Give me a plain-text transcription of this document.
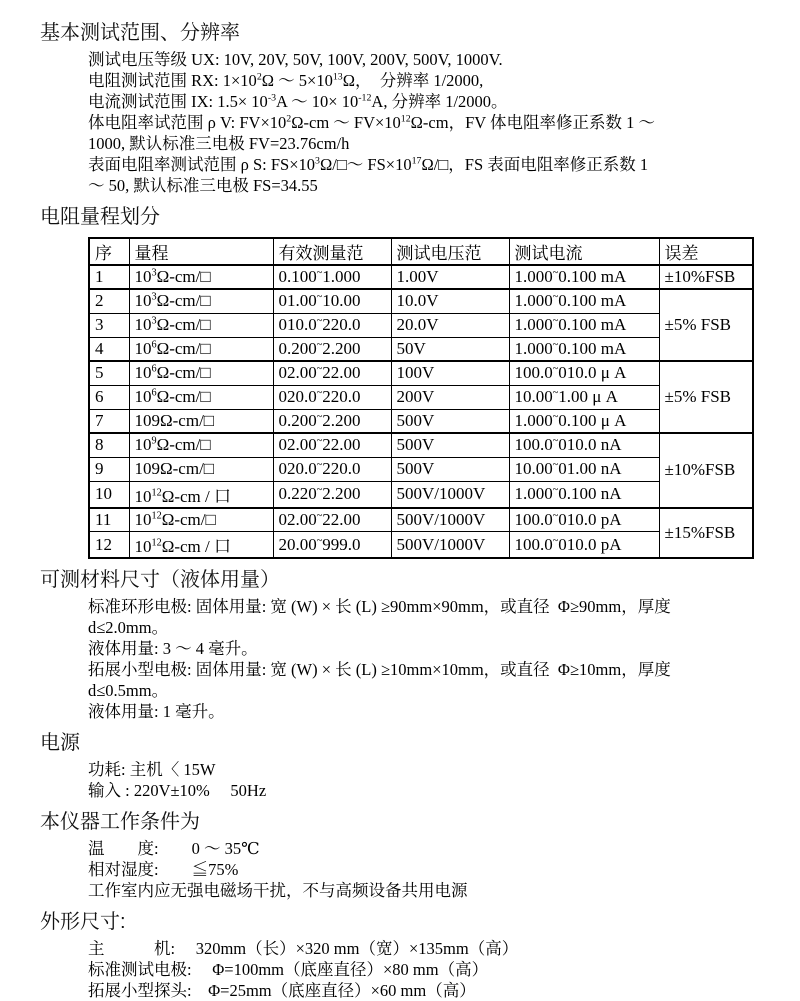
基本测试范围、分辨率
测试电压等级 UX: 10V, 20V, 50V, 100V, 200V, 500V, 1000V.
电阻测试范围 RX: $1\times 10^2\Omega$ ～ $5\times 10^{13}\Omega$，  分辨率 1/2000,
电流测试范围 IX: $1.5\times 10^{-3}A$ ～ $10\times 10^{-12}A$, 分辨率 1/2000。
体电阻率试范围 ρ V: $FV\times 10^2\Omega-cm$ ～ $FV\times 10^{12}\Omega-cm$，FV 体电阻率修正系数 1 ～
1000, 默认标准三电极 FV=23.76cm/h
表面电阻率测试范围 ρ S: $FS\times 10^3\Omega/□\sim$ $FS\times 10^{17}\Omega/□$，FS 表面电阻率修正系数 1
～ 50, 默认标准三电极 FS=34.55
电阻量程划分
序	量程	有效测量范	测试电压范	测试电流	误差
1	$10^3\Omega-cm/□$	0.100~1.000	1.00V	1.000~0.100 mA	±10%FSB
2	$10^3\Omega-cm/□$	01.00~10.00	10.0V	1.000~0.100 mA	±5% FSB
3	$10^3\Omega-cm/□$	010.0~220.0	20.0V	1.000~0.100 mA	
4	$10^6\Omega-cm/□$	0.200~2.200	50V	1.000~0.100 mA	
5	$10^6\Omega-cm/□$	02.00~22.00	100V	100.0~010.0 μ A	±5% FSB
6	$10^6\Omega-cm/□$	020.0~220.0	200V	10.00~1.00 μ A	
7	109Ω-cm/□	0.200~2.200	500V	1.000~0.100 μ A	
8	$10^9\Omega-cm/□$	02.00~22.00	500V	100.0~010.0 nA	±10%FSB
9	109Ω-cm/□	020.0~220.0	500V	10.00~01.00 nA	
10	$10^{12}\Omega-cm$ / 口	0.220~2.200	500V/1000V	1.000~0.100 nA	
11	$10^{12}\Omega-cm/□$	02.00~22.00	500V/1000V	100.0~010.0 pA	±15%FSB
12	$10^{12}\Omega-cm$ / 口	20.00~999.0	500V/1000V	100.0~010.0 pA	
可测材料尺寸（液体用量）
标准环形电极: 固体用量: 宽 (W) × 长 (L) ≥90mm×90mm，或直径  Φ≥90mm，厚度
d≤2.0mm。
液体用量: 3 ～ 4 毫升。
拓展小型电极: 固体用量: 宽 (W) × 长 (L) ≥10mm×10mm，或直径  Φ≥10mm，厚度
d≤0.5mm。
液体用量: 1 毫升。
电源
功耗: 主机〈 15W
输入 : 220V±10%     50Hz
本仪器工作条件为
温　　度:　　0 ～ 35℃
相对湿度:　　≦75%
工作室内应无强电磁场干扰，不与高频设备共用电源
外形尺寸:
主　　　机:　 320mm（长）×320 mm（宽）×135mm（高）
标准测试电极:　 Φ=100mm（底座直径）×80 mm（高）
拓展小型探头:　Φ=25mm（底座直径）×60 mm（高）
